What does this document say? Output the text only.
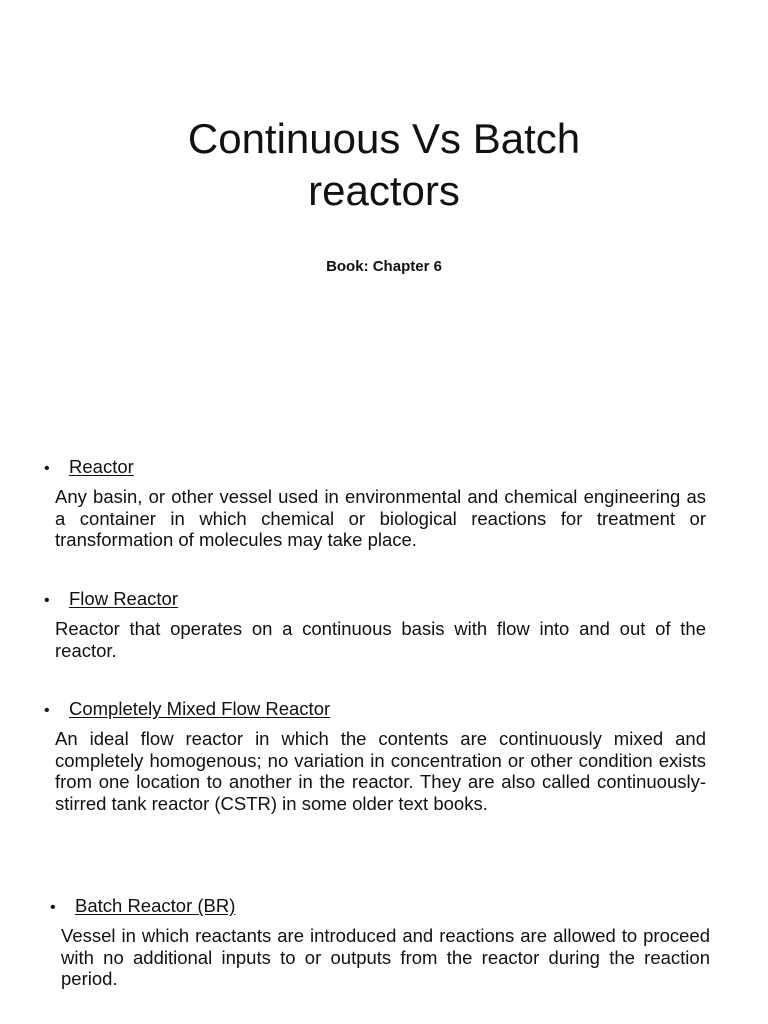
Continuous Vs Batch
reactors
Book: Chapter 6
•	Reactor

Any basin, or other vessel used in environmental and chemical engineering as a container in which chemical or biological reactions for treatment or transformation of molecules may take place.

•	Flow Reactor

Reactor that operates on a continuous basis with flow into and out of the reactor.

•	Completely Mixed Flow Reactor

An ideal flow reactor in which the contents are continuously mixed and completely homogenous; no variation in concentration or other condition exists from one location to another in the reactor. They are also called continuously-stirred tank reactor (CSTR) in some older text books.

•	Batch Reactor (BR)

Vessel in which reactants are introduced and reactions are allowed to proceed with no additional inputs to or outputs from the reactor during the reaction period.
